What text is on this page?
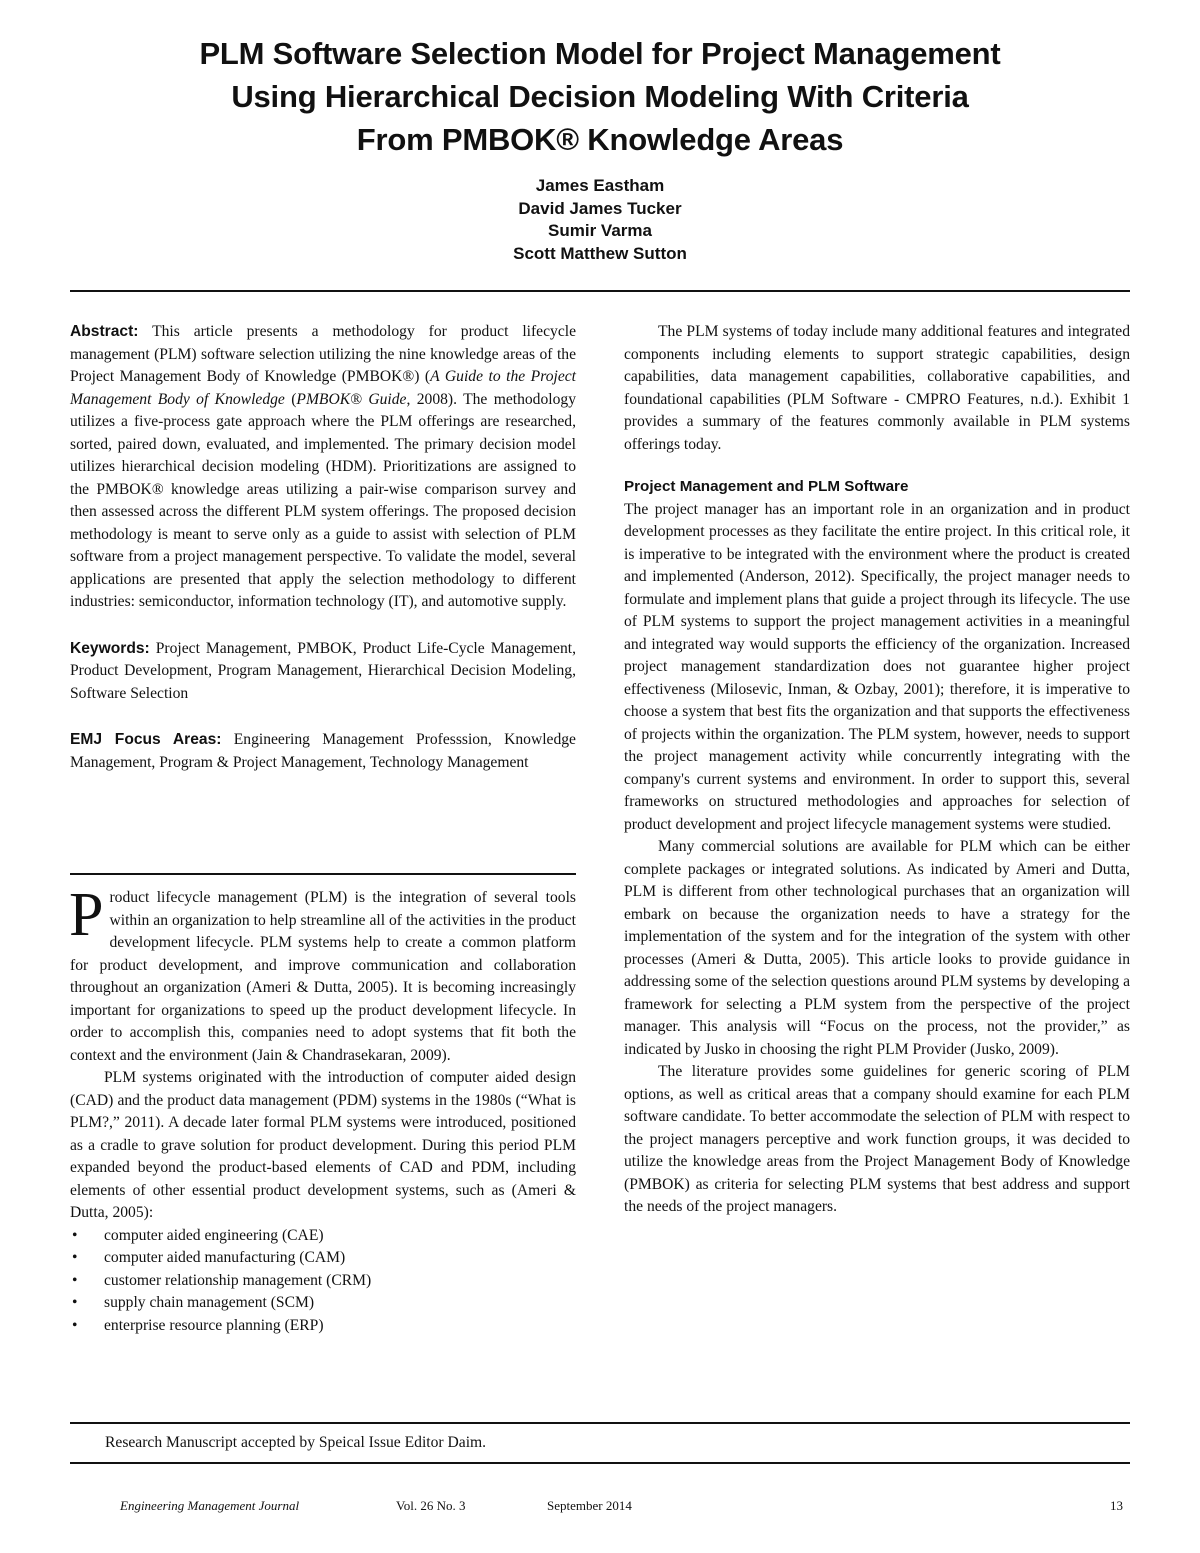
PLM Software Selection Model for Project Management
Using Hierarchical Decision Modeling With Criteria
From PMBOK® Knowledge Areas
James Eastham
David James Tucker
Sumir Varma
Scott Matthew Sutton

Abstract: This article presents a methodology for product lifecycle management (PLM) software selection utilizing the nine knowledge areas of the Project Management Body of Knowledge (PMBOK®) (A Guide to the Project Management Body of Knowledge (PMBOK® Guide, 2008). The methodology utilizes a five-process gate approach where the PLM offerings are researched, sorted, paired down, evaluated, and implemented. The primary decision model utilizes hierarchical decision modeling (HDM). Prioritizations are assigned to the PMBOK® knowledge areas utilizing a pair-wise comparison survey and then assessed across the different PLM system offerings. The proposed decision methodology is meant to serve only as a guide to assist with selection of PLM software from a project management perspective. To validate the model, several applications are presented that apply the selection methodology to different industries: semiconductor, information technology (IT), and automotive supply.

Keywords: Project Management, PMBOK, Product Life-Cycle Management, Product Development, Program Management, Hierarchical Decision Modeling, Software Selection

EMJ Focus Areas: Engineering Management Professsion, Knowledge Management, Program & Project Management, Technology Management

Product lifecycle management (PLM) is the integration of several tools within an organization to help streamline all of the activities in the product development lifecycle. PLM systems help to create a common platform for product development, and improve communication and collaboration throughout an organization (Ameri & Dutta, 2005). It is becoming increasingly important for organizations to speed up the product development lifecycle. In order to accomplish this, companies need to adopt systems that fit both the context and the environment (Jain & Chandrasekaran, 2009).

PLM systems originated with the introduction of computer aided design (CAD) and the product data management (PDM) systems in the 1980s (“What is PLM?,” 2011). A decade later formal PLM systems were introduced, positioned as a cradle to grave solution for product development. During this period PLM expanded beyond the product-based elements of CAD and PDM, including elements of other essential product development systems, such as (Ameri & Dutta, 2005):

• computer aided engineering (CAE)
• computer aided manufacturing (CAM)
• customer relationship management (CRM)
• supply chain management (SCM)
• enterprise resource planning (ERP)

The PLM systems of today include many additional features and integrated components including elements to support strategic capabilities, design capabilities, data management capabilities, collaborative capabilities, and foundational capabilities (PLM Software - CMPRO Features, n.d.). Exhibit 1 provides a summary of the features commonly available in PLM systems offerings today.

Project Management and PLM Software

The project manager has an important role in an organization and in product development processes as they facilitate the entire project. In this critical role, it is imperative to be integrated with the environment where the product is created and implemented (Anderson, 2012). Specifically, the project manager needs to formulate and implement plans that guide a project through its lifecycle. The use of PLM systems to support the project management activities in a meaningful and integrated way would supports the efficiency of the organization. Increased project management standardization does not guarantee higher project effectiveness (Milosevic, Inman, & Ozbay, 2001); therefore, it is imperative to choose a system that best fits the organization and that supports the effectiveness of projects within the organization. The PLM system, however, needs to support the project management activity while concurrently integrating with the company's current systems and environment. In order to support this, several frameworks on structured methodologies and approaches for selection of product development and project lifecycle management systems were studied.

Many commercial solutions are available for PLM which can be either complete packages or integrated solutions. As indicated by Ameri and Dutta, PLM is different from other technological purchases that an organization will embark on because the organization needs to have a strategy for the implementation of the system and for the integration of the system with other processes (Ameri & Dutta, 2005). This article looks to provide guidance in addressing some of the selection questions around PLM systems by developing a framework for selecting a PLM system from the perspective of the project manager. This analysis will “Focus on the process, not the provider,” as indicated by Jusko in choosing the right PLM Provider (Jusko, 2009).

The literature provides some guidelines for generic scoring of PLM options, as well as critical areas that a company should examine for each PLM software candidate. To better accommodate the selection of PLM with respect to the project managers perceptive and work function groups, it was decided to utilize the knowledge areas from the Project Management Body of Knowledge (PMBOK) as criteria for selecting PLM systems that best address and support the needs of the project managers.

Research Manuscript accepted by Speical Issue Editor Daim.
Engineering Management Journal	Vol. 26 No. 3	September 2014	13
